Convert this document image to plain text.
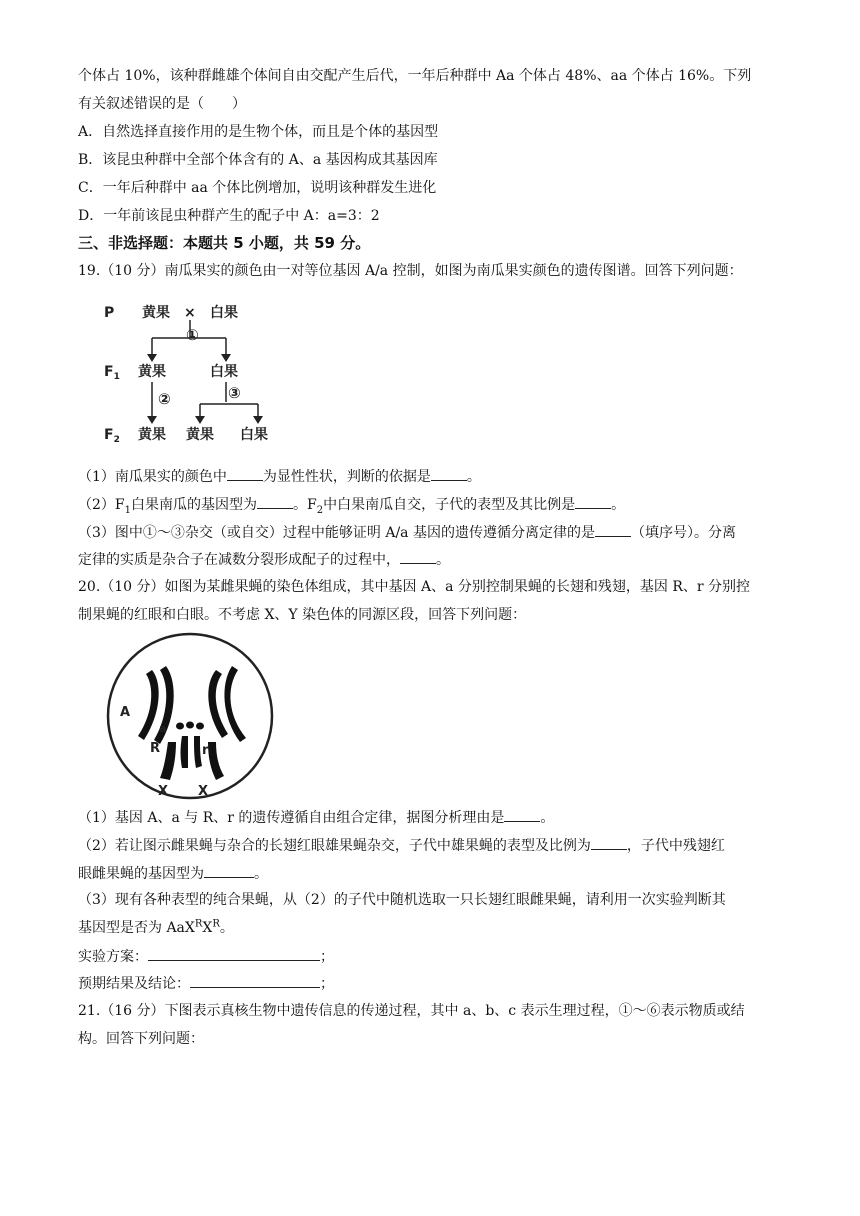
个体占 10%，该种群雌雄个体间自由交配产生后代，一年后种群中 Aa 个体占 48%、aa 个体占 16%。下列
有关叙述错误的是（　　）
A．自然选择直接作用的是生物个体，而且是个体的基因型
B．该昆虫种群中全部个体含有的 A、a 基因构成其基因库
C．一年后种群中 aa 个体比例增加，说明该种群发生进化
D．一年前该昆虫种群产生的配子中 A：a=3：2
三、非选择题：本题共 5 小题，共 59 分。
19.（10 分）南瓜果实的颜色由一对等位基因 A/a 控制，如图为南瓜果实颜色的遗传图谱。回答下列问题：
P 黄果 × 白果
①
$F_1$ 黄果	白果
②	③
$F_2$ 黄果 黄果 白果
（1）南瓜果实的颜色中	为显性性状，判断的依据是	。
$(2)F_1$白果南瓜的基因型为	。$F_2$中白果南瓜自交，子代的表型及其比例是	。
（3）图中①～③杂交（或自交）过程中能够证明 A/a 基因的遗传遵循分离定律的是	（填序号）。分离
定律的实质是杂合子在减数分裂形成配子的过程中，	。
20.（10 分）如图为某雌果蝇的染色体组成，其中基因 A、a 分别控制果蝇的长翅和残翅，基因 R、r 分别控
制果蝇的红眼和白眼。不考虑 X、Y 染色体的同源区段，回答下列问题：
A
a
R	r
X X
（1）基因 A、a 与 R、r 的遗传遵循自由组合定律，据图分析理由是	。
（2）若让图示雌果蝇与杂合的长翅红眼雄果蝇杂交，子代中雄果蝇的表型及比例为	，子代中残翅红
眼雌果蝇的基因型为	。
（3）现有各种表型的纯合果蝇，从（2）的子代中随机选取一只长翅红眼雌果蝇，请利用一次实验判断其
基因型是否为 $AaX^RX^R$。
实验方案：	；
预期结果及结论：	；
21.（16 分）下图表示真核生物中遗传信息的传递过程，其中 a、b、c 表示生理过程，①～⑥表示物质或结
构。回答下列问题：
